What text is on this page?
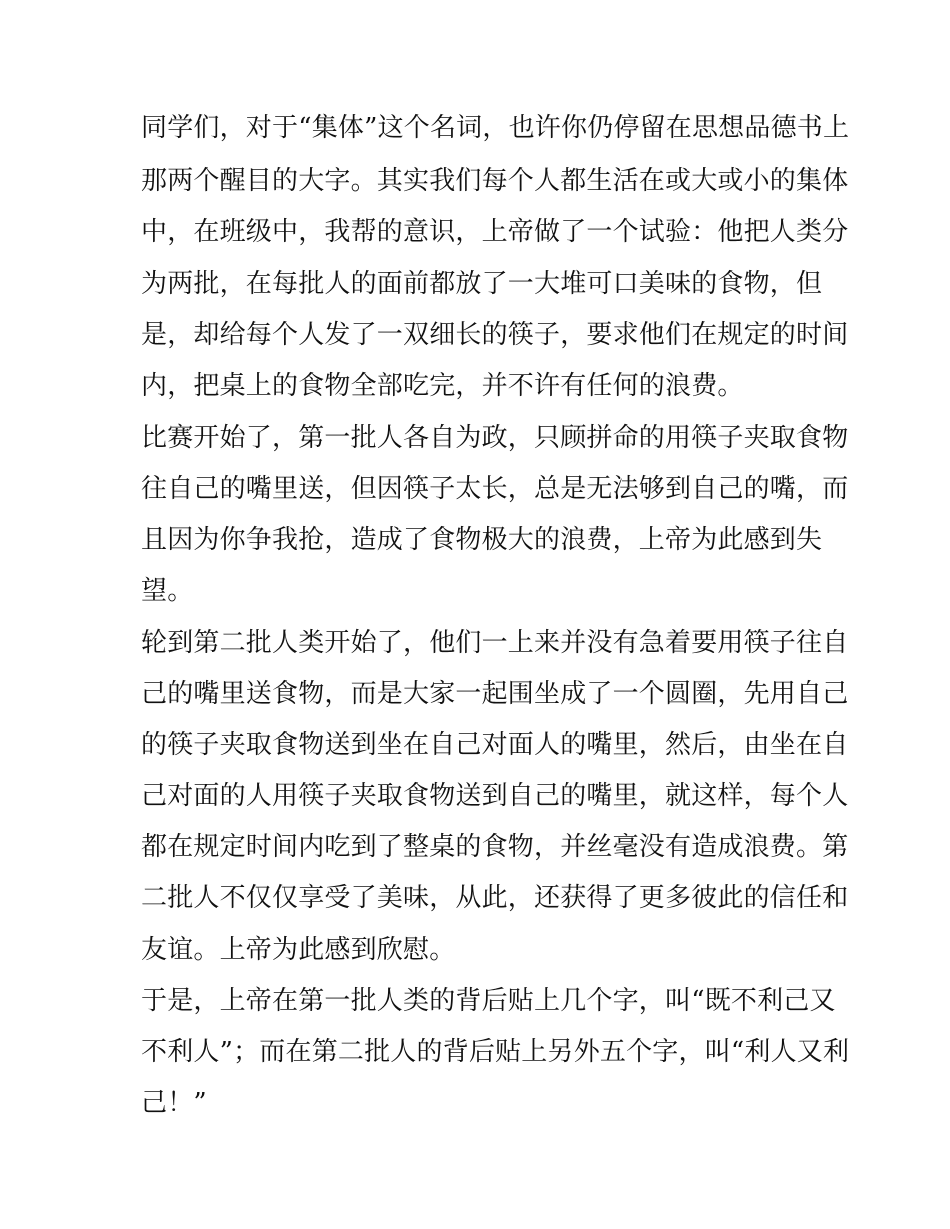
同学们，对于“集体”这个名词，也许你仍停留在思想品德书上
那两个醒目的大字。其实我们每个人都生活在或大或小的集体
中，在班级中，我帮的意识，上帝做了一个试验：他把人类分
为两批，在每批人的面前都放了一大堆可口美味的食物，但
是，却给每个人发了一双细长的筷子，要求他们在规定的时间
内，把桌上的食物全部吃完，并不许有任何的浪费。
比赛开始了，第一批人各自为政，只顾拼命的用筷子夹取食物
往自己的嘴里送，但因筷子太长，总是无法够到自己的嘴，而
且因为你争我抢，造成了食物极大的浪费，上帝为此感到失
望。
轮到第二批人类开始了，他们一上来并没有急着要用筷子往自
己的嘴里送食物，而是大家一起围坐成了一个圆圈，先用自己
的筷子夹取食物送到坐在自己对面人的嘴里，然后，由坐在自
己对面的人用筷子夹取食物送到自己的嘴里，就这样，每个人
都在规定时间内吃到了整桌的食物，并丝毫没有造成浪费。第
二批人不仅仅享受了美味，从此，还获得了更多彼此的信任和
友谊。上帝为此感到欣慰。
于是，上帝在第一批人类的背后贴上几个字，叫“既不利己又
不利人”；而在第二批人的背后贴上另外五个字，叫“利人又利
己！”
